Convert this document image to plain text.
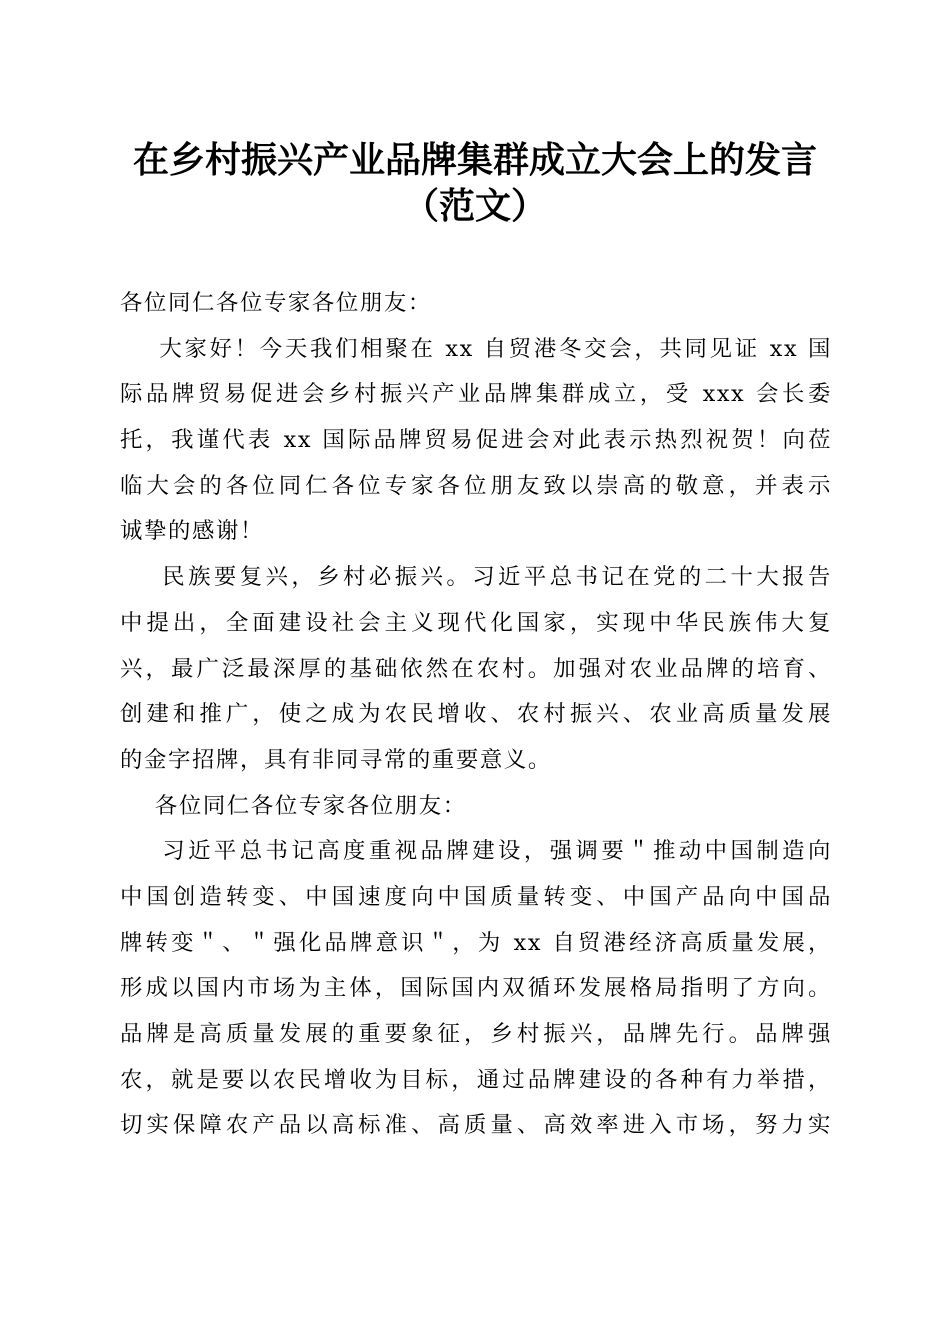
在乡村振兴产业品牌集群成立大会上的发言
（范文）

各位同仁各位专家各位朋友：

大家好！今天我们相聚在 xx 自贸港冬交会，共同见证 xx 国

际品牌贸易促进会乡村振兴产业品牌集群成立，受 xxx 会长委

托，我谨代表 xx 国际品牌贸易促进会对此表示热烈祝贺！向莅

临大会的各位同仁各位专家各位朋友致以崇高的敬意，并表示

诚挚的感谢！

民族要复兴，乡村必振兴。习近平总书记在党的二十大报告

中提出，全面建设社会主义现代化国家，实现中华民族伟大复

兴，最广泛最深厚的基础依然在农村。加强对农业品牌的培育、

创建和推广，使之成为农民增收、农村振兴、农业高质量发展

的金字招牌，具有非同寻常的重要意义。

各位同仁各位专家各位朋友：

习近平总书记高度重视品牌建设，强调要＂推动中国制造向

中国创造转变、中国速度向中国质量转变、中国产品向中国品

牌转变＂、＂强化品牌意识＂，为 xx 自贸港经济高质量发展，

形成以国内市场为主体，国际国内双循环发展格局指明了方向。

品牌是高质量发展的重要象征，乡村振兴，品牌先行。品牌强

农，就是要以农民增收为目标，通过品牌建设的各种有力举措，

切实保障农产品以高标准、高质量、高效率进入市场，努力实
